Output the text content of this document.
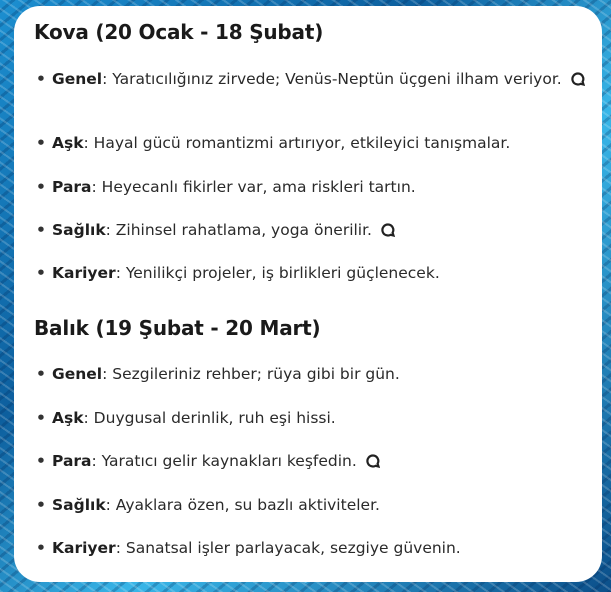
Kova (20 Ocak - 18 Şubat)
• Genel: Yaratıcılığınız zirvede; Venüs-Neptün üçgeni ilham veriyor.
• Aşk: Hayal gücü romantizmi artırıyor, etkileyici tanışmalar.
• Para: Heyecanlı fikirler var, ama riskleri tartın.
• Sağlık: Zihinsel rahatlama, yoga önerilir.
• Kariyer: Yenilikçi projeler, iş birlikleri güçlenecek.
Balık (19 Şubat - 20 Mart)
• Genel: Sezgileriniz rehber; rüya gibi bir gün.
• Aşk: Duygusal derinlik, ruh eşi hissi.
• Para: Yaratıcı gelir kaynakları keşfedin.
• Sağlık: Ayaklara özen, su bazlı aktiviteler.
• Kariyer: Sanatsal işler parlayacak, sezgiye güvenin.
